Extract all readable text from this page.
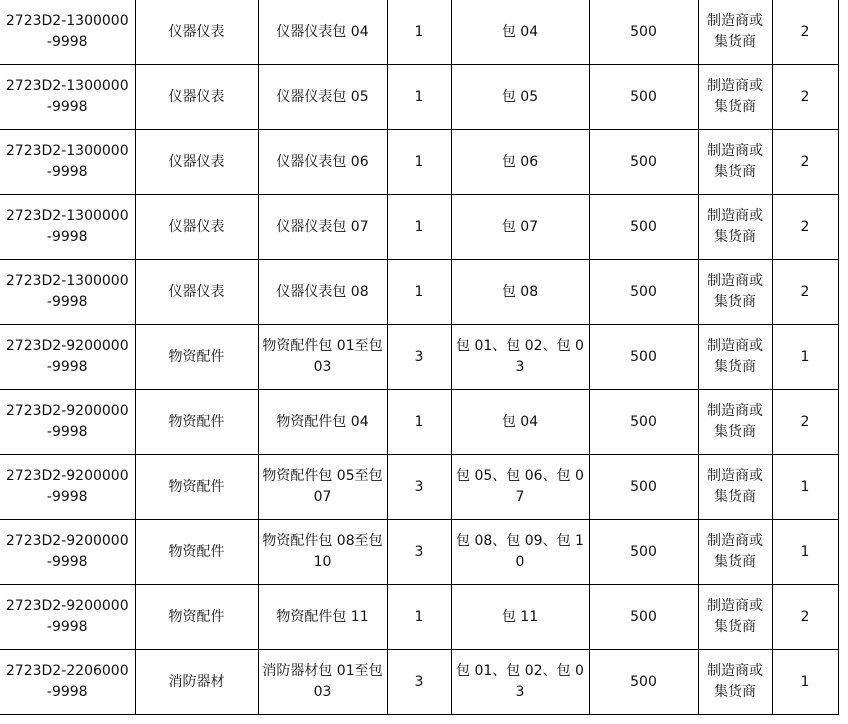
2723D2-1300000-9998	仪器仪表	仪器仪表包 04	1	包 04	500	制造商或集货商	2
2723D2-1300000-9998	仪器仪表	仪器仪表包 05	1	包 05	500	制造商或集货商	2
2723D2-1300000-9998	仪器仪表	仪器仪表包 06	1	包 06	500	制造商或集货商	2
2723D2-1300000-9998	仪器仪表	仪器仪表包 07	1	包 07	500	制造商或集货商	2
2723D2-1300000-9998	仪器仪表	仪器仪表包 08	1	包 08	500	制造商或集货商	2
2723D2-9200000-9998	物资配件	物资配件包 01至包 03	3	包 01、包 02、包 03	500	制造商或集货商	1
2723D2-9200000-9998	物资配件	物资配件包 04	1	包 04	500	制造商或集货商	2
2723D2-9200000-9998	物资配件	物资配件包 05至包 07	3	包 05、包 06、包 07	500	制造商或集货商	1
2723D2-9200000-9998	物资配件	物资配件包 08至包 10	3	包 08、包 09、包 10	500	制造商或集货商	1
2723D2-9200000-9998	物资配件	物资配件包 11	1	包 11	500	制造商或集货商	2
2723D2-2206000-9998	消防器材	消防器材包 01至包 03	3	包 01、包 02、包 03	500	制造商或集货商	1
